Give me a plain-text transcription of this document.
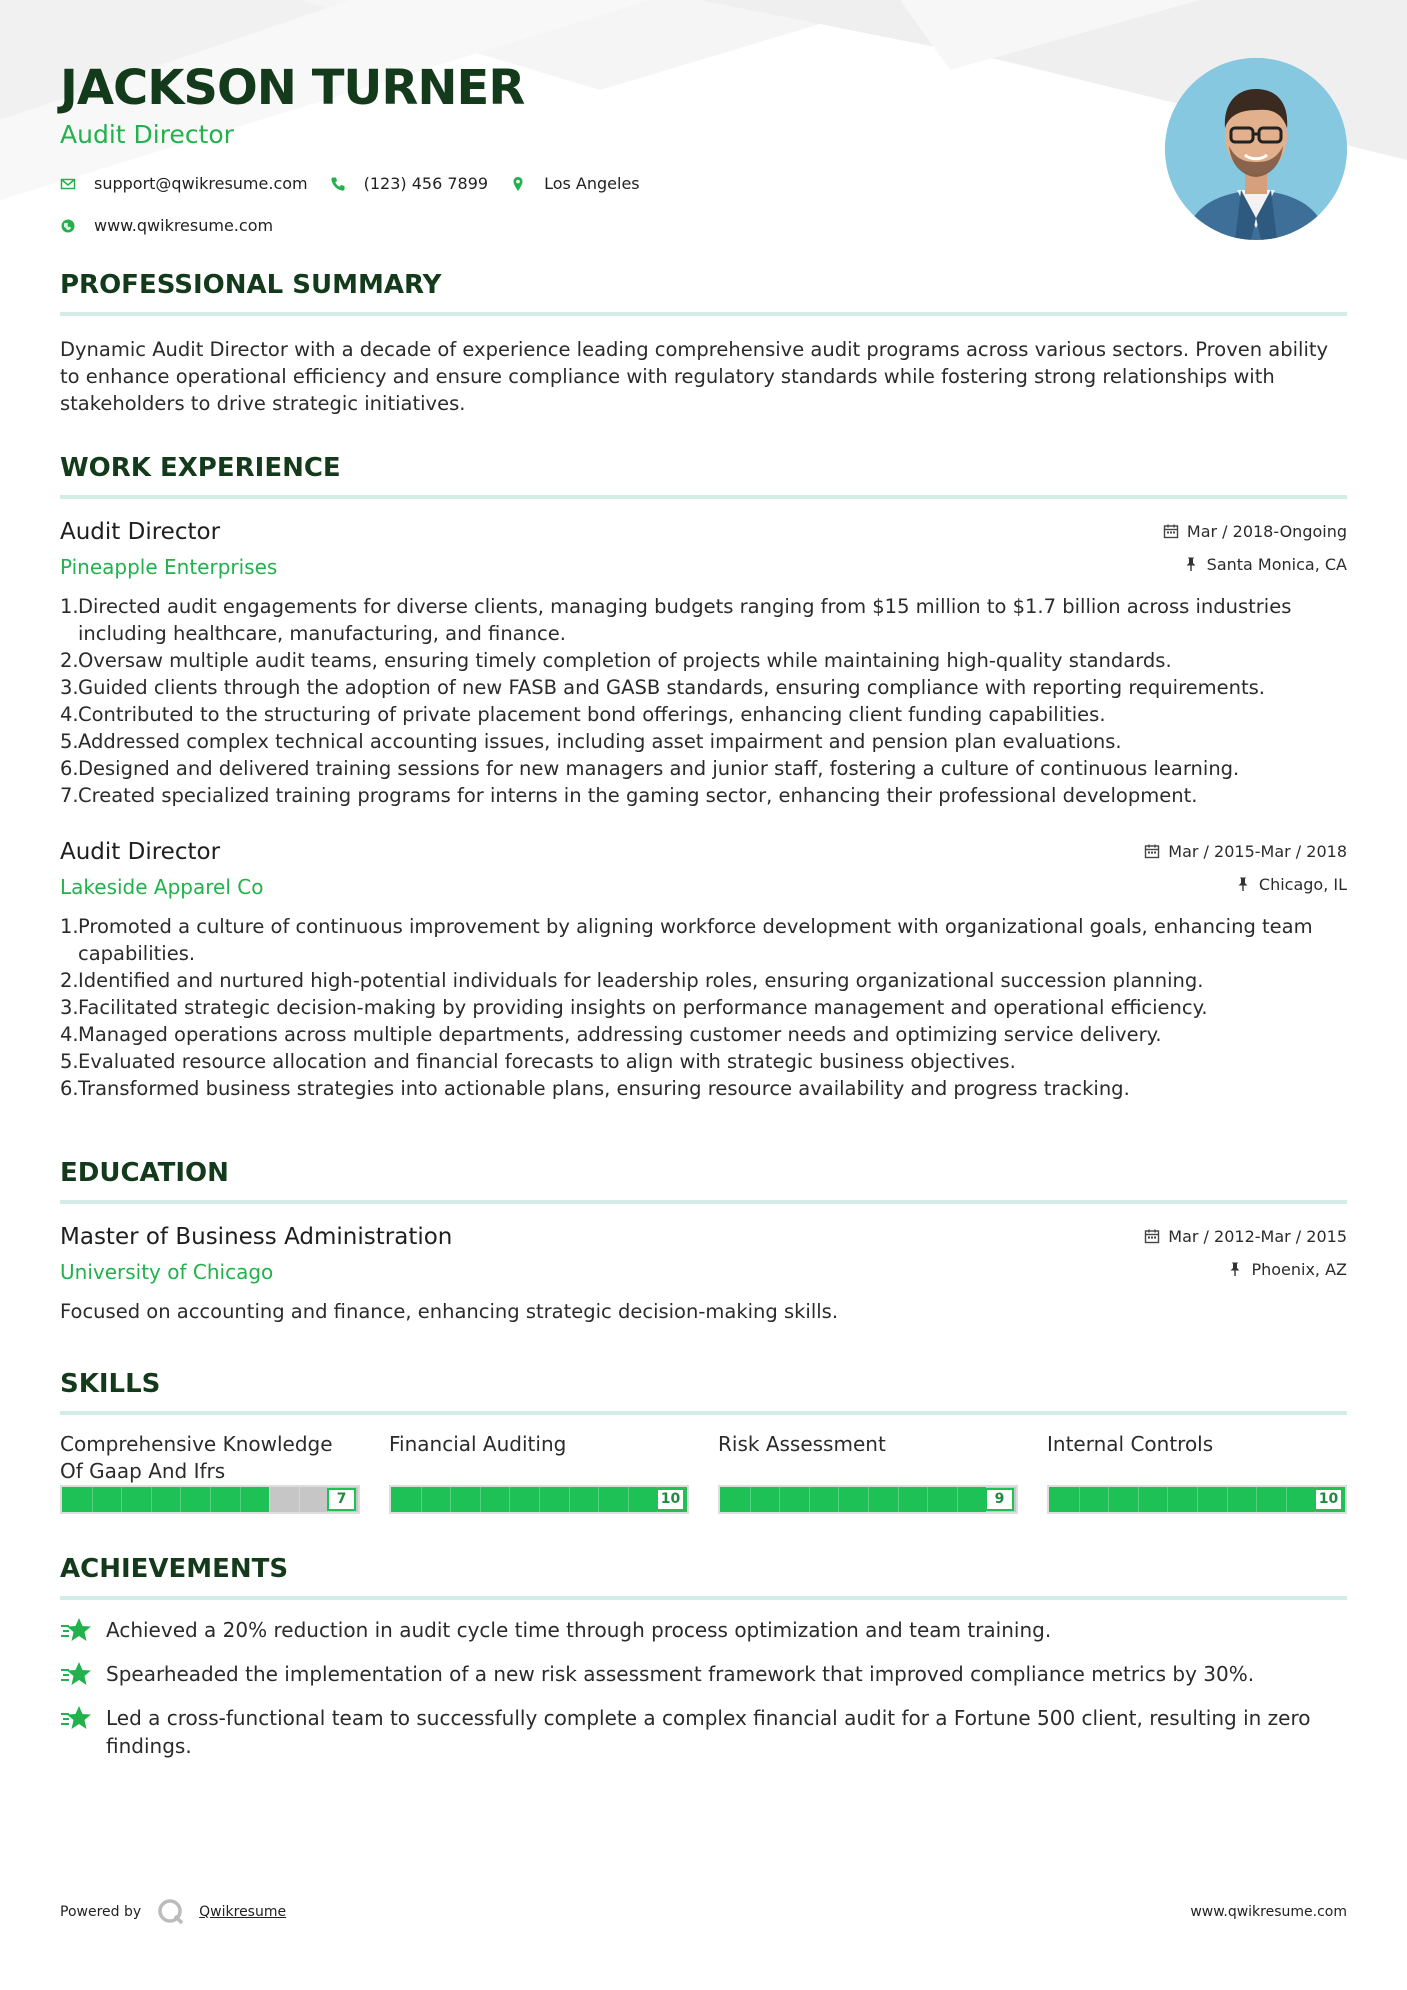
JACKSON TURNER
Audit Director
support@qwikresume.com	(123) 456 7899	Los Angeles
www.qwikresume.com
PROFESSIONAL SUMMARY

Dynamic Audit Director with a decade of experience leading comprehensive audit programs across various sectors. Proven ability to enhance operational efficiency and ensure compliance with regulatory standards while fostering strong relationships with stakeholders to drive strategic initiatives.

WORK EXPERIENCE
Audit Director
Pineapple Enterprises
Mar / 2018-Ongoing
Santa Monica, CA
Directed audit engagements for diverse clients, managing budgets ranging from $15 million to $1.7 billion across industries including healthcare, manufacturing, and finance.
Oversaw multiple audit teams, ensuring timely completion of projects while maintaining high-quality standards.
Guided clients through the adoption of new FASB and GASB standards, ensuring compliance with reporting requirements.
Contributed to the structuring of private placement bond offerings, enhancing client funding capabilities.
Addressed complex technical accounting issues, including asset impairment and pension plan evaluations.
Designed and delivered training sessions for new managers and junior staff, fostering a culture of continuous learning.
Created specialized training programs for interns in the gaming sector, enhancing their professional development.
Audit Director
Lakeside Apparel Co
Mar / 2015-Mar / 2018
Chicago, IL
Promoted a culture of continuous improvement by aligning workforce development with organizational goals, enhancing team capabilities.
Identified and nurtured high-potential individuals for leadership roles, ensuring organizational succession planning.
Facilitated strategic decision-making by providing insights on performance management and operational efficiency.
Managed operations across multiple departments, addressing customer needs and optimizing service delivery.
Evaluated resource allocation and financial forecasts to align with strategic business objectives.
Transformed business strategies into actionable plans, ensuring resource availability and progress tracking.
EDUCATION
Master of Business Administration
University of Chicago
Mar / 2012-Mar / 2015
Phoenix, AZ

Focused on accounting and finance, enhancing strategic decision-making skills.

SKILLS
Comprehensive Knowledge Of Gaap And Ifrs
7
Financial Auditing
10
Risk Assessment
9
Internal Controls
10
ACHIEVEMENTS
Achieved a 20% reduction in audit cycle time through process optimization and team training.
Spearheaded the implementation of a new risk assessment framework that improved compliance metrics by 30%.
Led a cross-functional team to successfully complete a complex financial audit for a Fortune 500 client, resulting in zero findings.
Powered by	Qwikresume	www.qwikresume.com
